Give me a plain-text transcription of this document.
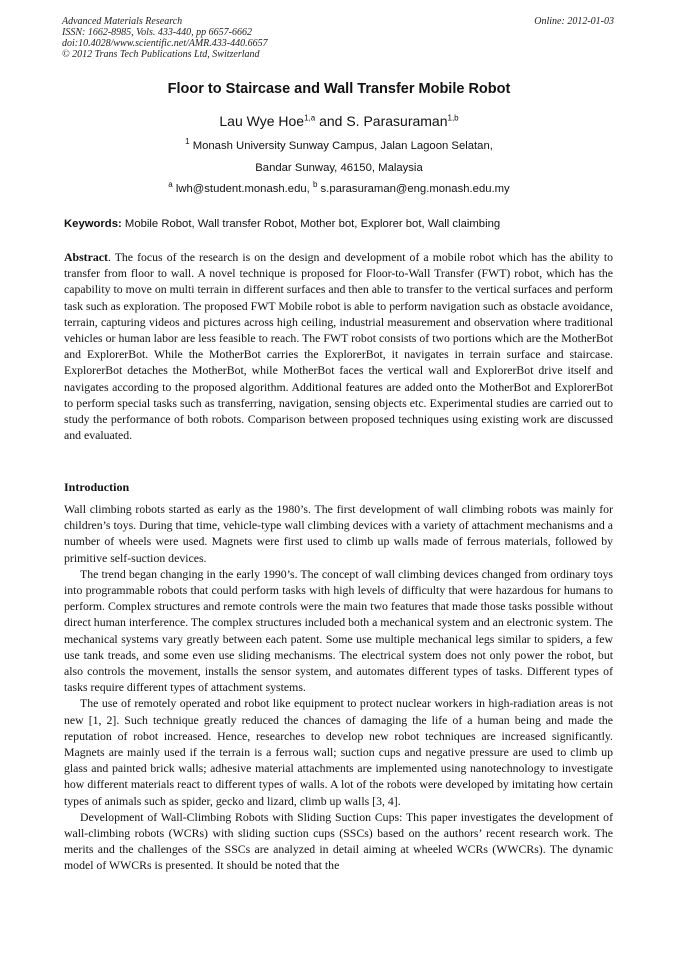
Advanced Materials Research
ISSN: 1662-8985, Vols. 433-440, pp 6657-6662
doi:10.4028/www.scientific.net/AMR.433-440.6657
© 2012 Trans Tech Publications Ltd, Switzerland
Online: 2012-01-03
Floor to Staircase and Wall Transfer Mobile Robot
Lau Wye Hoe$^{1,a}$ and S. Parasuraman$^{1,b}$
$^1$ Monash University Sunway Campus, Jalan Lagoon Selatan,
Bandar Sunway, 46150, Malaysia
$^a$ lwh@student.monash.edu, $^b$ s.parasuraman@eng.monash.edu.my
Keywords: Mobile Robot, Wall transfer Robot, Mother bot, Explorer bot, Wall claimbing

Abstract. The focus of the research is on the design and development of a mobile robot which has the ability to transfer from floor to wall. A novel technique is proposed for Floor-to-Wall Transfer (FWT) robot, which has the capability to move on multi terrain in different surfaces and then able to transfer to the vertical surfaces and perform task such as exploration. The proposed FWT Mobile robot is able to perform navigation such as obstacle avoidance, terrain, capturing videos and pictures across high ceiling, industrial measurement and observation where traditional vehicles or human labor are less feasible to reach. The FWT robot consists of two portions which are the MotherBot and ExplorerBot. While the MotherBot carries the ExplorerBot, it navigates in terrain surface and staircase. ExplorerBot detaches the MotherBot, while MotherBot faces the vertical wall and ExplorerBot drive itself and navigates according to the proposed algorithm. Additional features are added onto the MotherBot and ExplorerBot to perform special tasks such as transferring, navigation, sensing objects etc. Experimental studies are carried out to study the performance of both robots. Comparison between proposed techniques using existing work are discussed and evaluated.

Introduction

Wall climbing robots started as early as the 1980’s. The first development of wall climbing robots was mainly for children’s toys. During that time, vehicle-type wall climbing devices with a variety of attachment mechanisms and a number of wheels were used. Magnets were first used to climb up walls made of ferrous materials, followed by primitive self-suction devices.

The trend began changing in the early 1990’s. The concept of wall climbing devices changed from ordinary toys into programmable robots that could perform tasks with high levels of difficulty that were hazardous for humans to perform. Complex structures and remote controls were the main two features that made those tasks possible without direct human interference. The complex structures included both a mechanical system and an electronic system. The mechanical systems vary greatly between each patent. Some use multiple mechanical legs similar to spiders, a few use tank treads, and some even use sliding mechanisms. The electrical system does not only power the robot, but also controls the movement, installs the sensor system, and automates different types of tasks. Different types of tasks require different types of attachment systems.

The use of remotely operated and robot like equipment to protect nuclear workers in high-radiation areas is not new [1, 2]. Such technique greatly reduced the chances of damaging the life of a human being and made the reputation of robot increased. Hence, researches to develop new robot techniques are increased significantly. Magnets are mainly used if the terrain is a ferrous wall; suction cups and negative pressure are used to climb up glass and painted brick walls; adhesive material attachments are implemented using nanotechnology to investigate how different materials react to different types of walls. A lot of the robots were developed by imitating how certain types of animals such as spider, gecko and lizard, climb up walls [3, 4].

Development of Wall-Climbing Robots with Sliding Suction Cups: This paper investigates the development of wall-climbing robots (WCRs) with sliding suction cups (SSCs) based on the authors’ recent research work. The merits and the challenges of the SSCs are analyzed in detail aiming at wheeled WCRs (WWCRs). The dynamic model of WWCRs is presented. It should be noted that the
